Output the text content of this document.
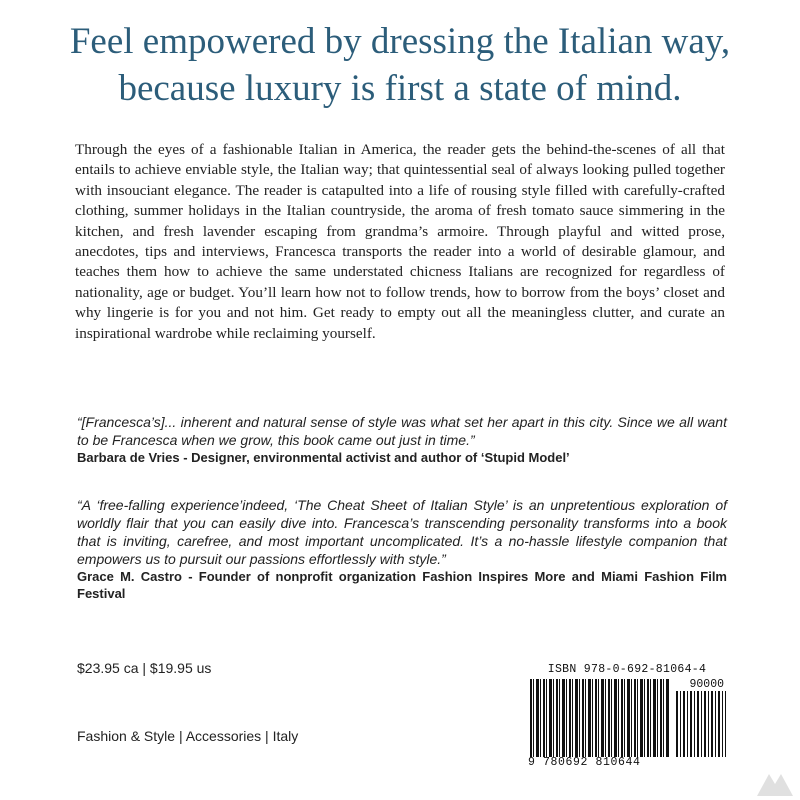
Feel empowered by dressing the Italian way,
because luxury is first a state of mind.

Through the eyes of a fashionable Italian in America, the reader gets the behind-the-scenes of all that entails to achieve enviable style, the Italian way; that quintessential seal of always looking pulled together with insouciant elegance. The reader is catapulted into a life of rousing style filled with carefully-crafted clothing, summer holidays in the Italian countryside, the aroma of fresh tomato sauce simmering in the kitchen, and fresh lavender escaping from grandma’s armoire. Through playful and witted prose, anecdotes, tips and interviews, Francesca transports the reader into a world of desirable glamour, and teaches them how to achieve the same understated chicness Italians are recognized for regardless of nationality, age or budget. You’ll learn how not to follow trends, how to borrow from the boys’ closet and why lingerie is for you and not him. Get ready to empty out all the meaningless clutter, and curate an inspirational wardrobe while reclaiming yourself.

“[Francesca’s]... inherent and natural sense of style was what set her apart in this city. Since we all want to be Francesca when we grow, this book came out just in time.”

Barbara de Vries - Designer, environmental activist and author of ‘Stupid Model’

“A ‘free-falling experience’indeed, ‘The Cheat Sheet of Italian Style’ is an unpretentious exploration of worldly flair that you can easily dive into. Francesca’s transcending personality transforms into a book that is inviting, carefree, and most important uncomplicated. It’s a no-hassle lifestyle companion that empowers us to pursuit our passions effortlessly with style.”

Grace M. Castro - Founder of nonprofit organization Fashion Inspires More and Miami Fashion Film Festival

$23.95 ca | $19.95 us
Fashion & Style | Accessories | Italy
ISBN 978-0-692-81064-4
90000
9 780692 810644
